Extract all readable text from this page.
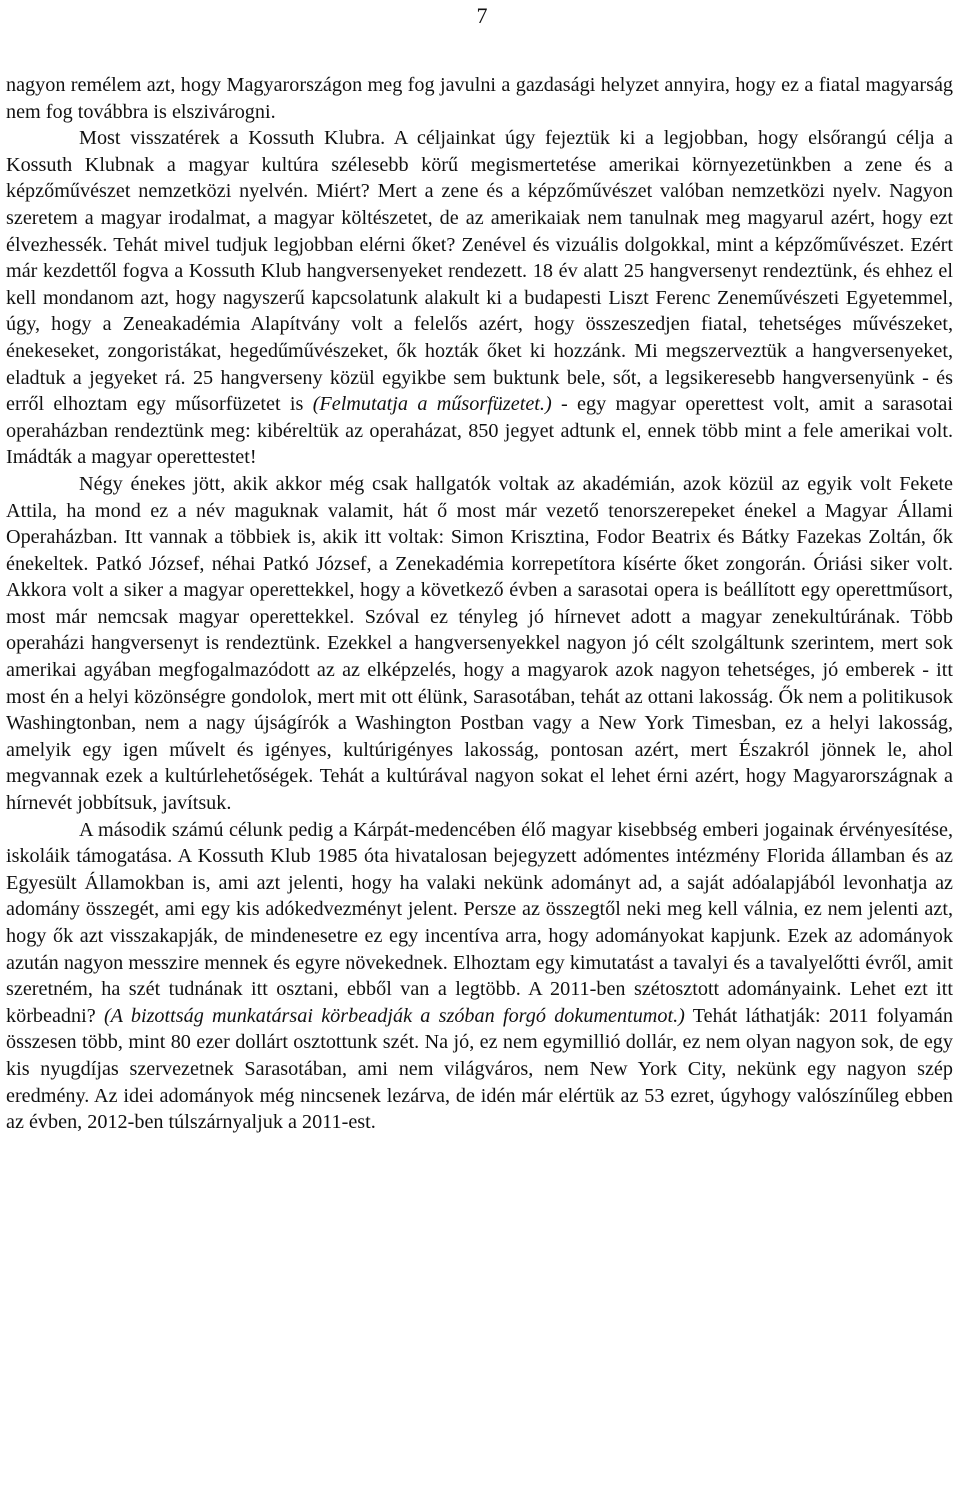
7

nagyon remélem azt, hogy Magyarországon meg fog javulni a gazdasági helyzet annyira, hogy ez a fiatal magyarság nem fog továbbra is elszivárogni.

Most visszatérek a Kossuth Klubra. A céljainkat úgy fejeztük ki a legjobban, hogy elsőrangú célja a Kossuth Klubnak a magyar kultúra szélesebb körű megismertetése amerikai környezetünkben a zene és a képzőművészet nemzetközi nyelvén. Miért? Mert a zene és a képzőművészet valóban nemzetközi nyelv. Nagyon szeretem a magyar irodalmat, a magyar költészetet, de az amerikaiak nem tanulnak meg magyarul azért, hogy ezt élvezhessék. Tehát mivel tudjuk legjobban elérni őket? Zenével és vizuális dolgokkal, mint a képzőművészet. Ezért már kezdettől fogva a Kossuth Klub hangversenyeket rendezett. 18 év alatt 25 hangversenyt rendeztünk, és ehhez el kell mondanom azt, hogy nagyszerű kapcsolatunk alakult ki a budapesti Liszt Ferenc Zeneművészeti Egyetemmel, úgy, hogy a Zeneakadémia Alapítvány volt a felelős azért, hogy összeszedjen fiatal, tehetséges művészeket, énekeseket, zongoristákat, hegedűművészeket, ők hozták őket ki hozzánk. Mi megszerveztük a hangversenyeket, eladtuk a jegyeket rá. 25 hangverseny közül egyikbe sem buktunk bele, sőt, a legsikeresebb hangversenyünk - és erről elhoztam egy műsorfüzetet is (Felmutatja a műsorfüzetet.) - egy magyar operettest volt, amit a sarasotai operaházban rendeztünk meg: kibéreltük az operaházat, 850 jegyet adtunk el, ennek több mint a fele amerikai volt. Imádták a magyar operettestet!

Négy énekes jött, akik akkor még csak hallgatók voltak az akadémián, azok közül az egyik volt Fekete Attila, ha mond ez a név maguknak valamit, hát ő most már vezető tenorszerepeket énekel a Magyar Állami Operaházban. Itt vannak a többiek is, akik itt voltak: Simon Krisztina, Fodor Beatrix és Bátky Fazekas Zoltán, ők énekeltek. Patkó József, néhai Patkó József, a Zenekadémia korrepetítora kísérte őket zongorán. Óriási siker volt. Akkora volt a siker a magyar operettekkel, hogy a következő évben a sarasotai opera is beállított egy operettműsort, most már nemcsak magyar operettekkel. Szóval ez tényleg jó hírnevet adott a magyar zenekultúrának. Több operaházi hangversenyt is rendeztünk. Ezekkel a hangversenyekkel nagyon jó célt szolgáltunk szerintem, mert sok amerikai agyában megfogalmazódott az az elképzelés, hogy a magyarok azok nagyon tehetséges, jó emberek - itt most én a helyi közönségre gondolok, mert mit ott élünk, Sarasotában, tehát az ottani lakosság. Ők nem a politikusok Washingtonban, nem a nagy újságírók a Washington Postban vagy a New York Timesban, ez a helyi lakosság, amelyik egy igen művelt és igényes, kultúrigényes lakosság, pontosan azért, mert Északról jönnek le, ahol megvannak ezek a kultúrlehetőségek. Tehát a kultúrával nagyon sokat el lehet érni azért, hogy Magyarországnak a hírnevét jobbítsuk, javítsuk.

A második számú célunk pedig a Kárpát-medencében élő magyar kisebbség emberi jogainak érvényesítése, iskoláik támogatása. A Kossuth Klub 1985 óta hivatalosan bejegyzett adómentes intézmény Florida államban és az Egyesült Államokban is, ami azt jelenti, hogy ha valaki nekünk adományt ad, a saját adóalapjából levonhatja az adomány összegét, ami egy kis adókedvezményt jelent. Persze az összegtől neki meg kell válnia, ez nem jelenti azt, hogy ők azt visszakapják, de mindenesetre ez egy incentíva arra, hogy adományokat kapjunk. Ezek az adományok azután nagyon messzire mennek és egyre növekednek. Elhoztam egy kimutatást a tavalyi és a tavalyelőtti évről, amit szeretném, ha szét tudnának itt osztani, ebből van a legtöbb. A 2011-ben szétosztott adományaink. Lehet ezt itt körbeadni? (A bizottság munkatársai körbeadják a szóban forgó dokumentumot.) Tehát láthatják: 2011 folyamán összesen több, mint 80 ezer dollárt osztottunk szét. Na jó, ez nem egymillió dollár, ez nem olyan nagyon sok, de egy kis nyugdíjas szervezetnek Sarasotában, ami nem világváros, nem New York City, nekünk egy nagyon szép eredmény. Az idei adományok még nincsenek lezárva, de idén már elértük az 53 ezret, úgyhogy valószínűleg ebben az évben, 2012-ben túlszárnyaljuk a 2011-est.
